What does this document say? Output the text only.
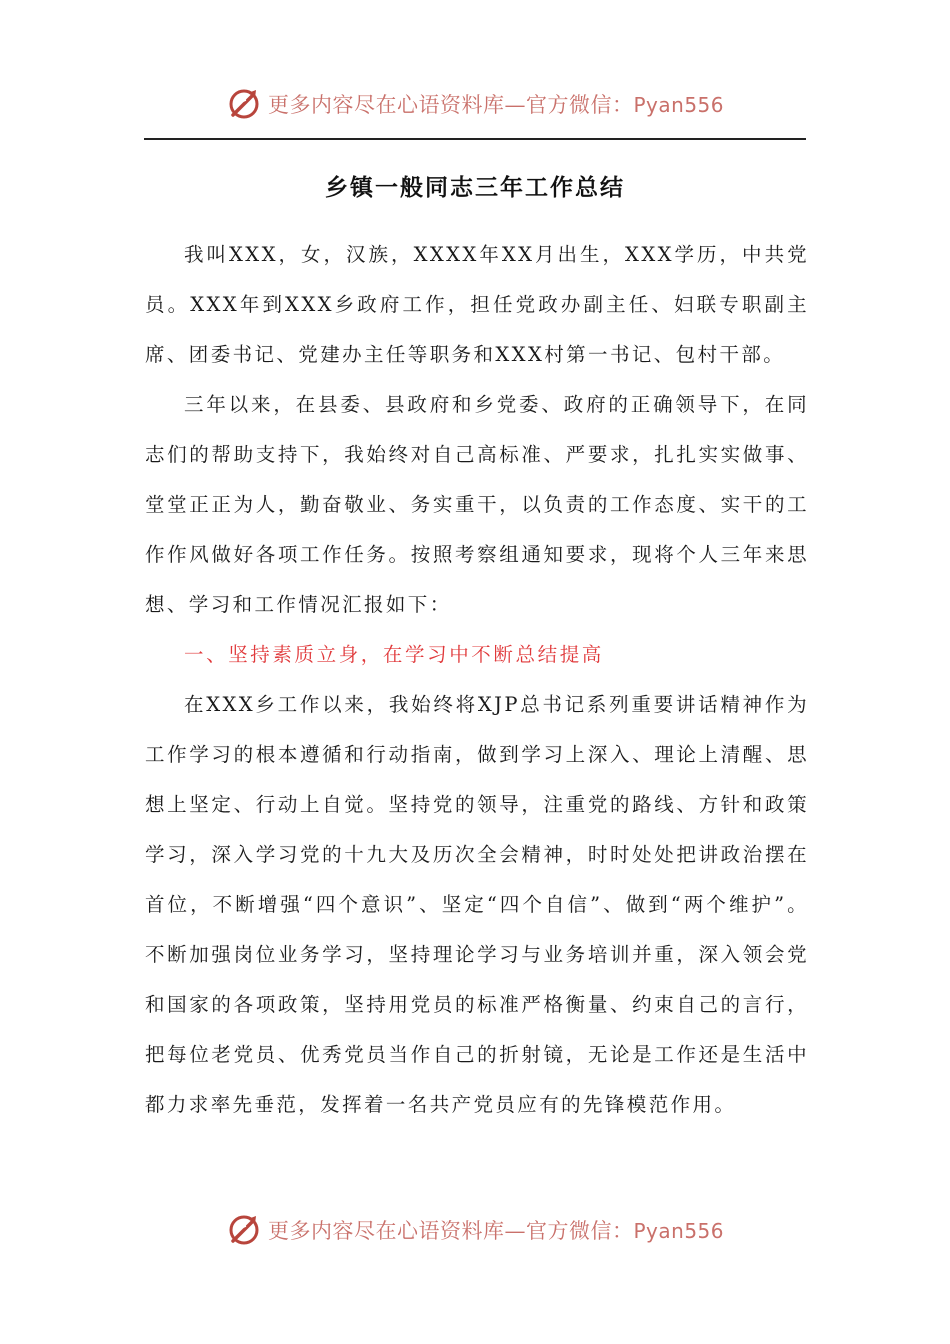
更多内容尽在心语资料库—官方微信：Pyan556
乡镇一般同志三年工作总结

我叫XXX，女，汉族，XXXX年XX月出生，XXX学历，中共党员。XXX年到XXX乡政府工作，担任党政办副主任、妇联专职副主席、团委书记、党建办主任等职务和XXX村第一书记、包村干部。

三年以来，在县委、县政府和乡党委、政府的正确领导下，在同志们的帮助支持下，我始终对自己高标准、严要求，扎扎实实做事、堂堂正正为人，勤奋敬业、务实重干，以负责的工作态度、实干的工作作风做好各项工作任务。按照考察组通知要求，现将个人三年来思想、学习和工作情况汇报如下：

一、坚持素质立身，在学习中不断总结提高

在XXX乡工作以来，我始终将XJP总书记系列重要讲话精神作为工作学习的根本遵循和行动指南，做到学习上深入、理论上清醒、思想上坚定、行动上自觉。坚持党的领导，注重党的路线、方针和政策学习，深入学习党的十九大及历次全会精神，时时处处把讲政治摆在首位，不断增强“四个意识”、坚定“四个自信”、做到“两个维护”。不断加强岗位业务学习，坚持理论学习与业务培训并重，深入领会党和国家的各项政策，坚持用党员的标准严格衡量、约束自己的言行，把每位老党员、优秀党员当作自己的折射镜，无论是工作还是生活中都力求率先垂范，发挥着一名共产党员应有的先锋模范作用。

更多内容尽在心语资料库—官方微信：Pyan556
